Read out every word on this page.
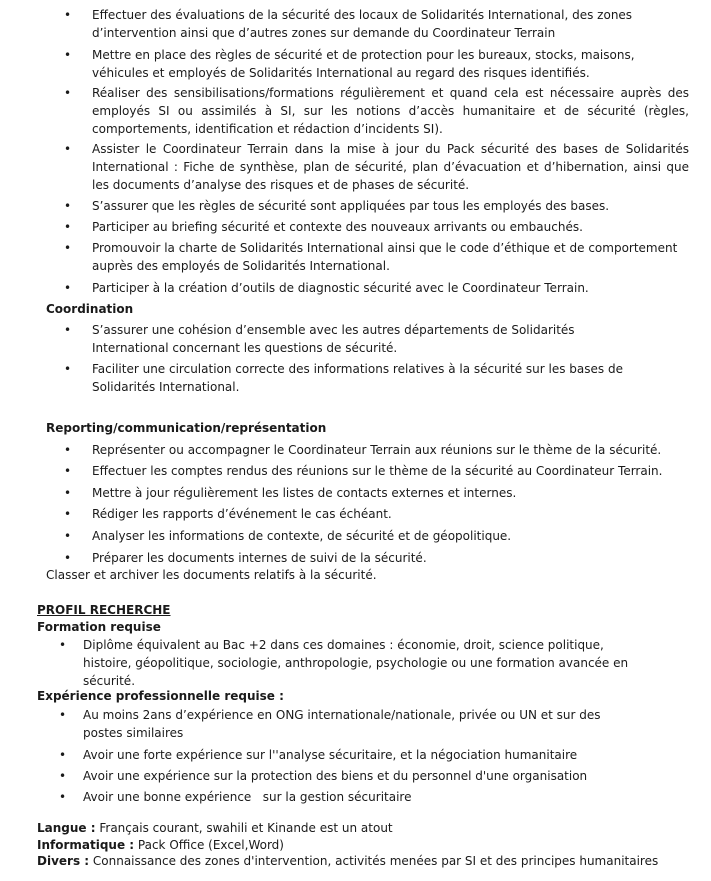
• Effectuer des évaluations de la sécurité des locaux de Solidarités International, des zones d’intervention ainsi que d’autres zones sur demande du Coordinateur Terrain
• Mettre en place des règles de sécurité et de protection pour les bureaux, stocks, maisons, véhicules et employés de Solidarités International au regard des risques identifiés.
• Réaliser des sensibilisations/formations régulièrement et quand cela est nécessaire auprès des employés SI ou assimilés à SI, sur les notions d’accès humanitaire et de sécurité (règles, comportements, identification et rédaction d’incidents SI).
• Assister le Coordinateur Terrain dans la mise à jour du Pack sécurité des bases de Solidarités International : Fiche de synthèse, plan de sécurité, plan d’évacuation et d’hibernation, ainsi que les documents d’analyse des risques et de phases de sécurité.
• S’assurer que les règles de sécurité sont appliquées par tous les employés des bases.
• Participer au briefing sécurité et contexte des nouveaux arrivants ou embauchés.
• Promouvoir la charte de Solidarités International ainsi que le code d’éthique et de comportement auprès des employés de Solidarités International.
• Participer à la création d’outils de diagnostic sécurité avec le Coordinateur Terrain.
Coordination
• S’assurer une cohésion d’ensemble avec les autres départements de Solidarités International concernant les questions de sécurité.
• Faciliter une circulation correcte des informations relatives à la sécurité sur les bases de Solidarités International.
Reporting/communication/représentation
• Représenter ou accompagner le Coordinateur Terrain aux réunions sur le thème de la sécurité.
• Effectuer les comptes rendus des réunions sur le thème de la sécurité au Coordinateur Terrain.
• Mettre à jour régulièrement les listes de contacts externes et internes.
• Rédiger les rapports d’événement le cas échéant.
• Analyser les informations de contexte, de sécurité et de géopolitique.
• Préparer les documents internes de suivi de la sécurité.
Classer et archiver les documents relatifs à la sécurité.
PROFIL RECHERCHE
Formation requise
• Diplôme équivalent au Bac +2 dans ces domaines : économie, droit, science politique, histoire, géopolitique, sociologie, anthropologie, psychologie ou une formation avancée en sécurité.
Expérience professionnelle requise :
• Au moins 2ans d’expérience en ONG internationale/nationale, privée ou UN et sur des postes similaires
• Avoir une forte expérience sur l''analyse sécuritaire, et la négociation humanitaire
• Avoir une expérience sur la protection des biens et du personnel d'une organisation
• Avoir une bonne expérience   sur la gestion sécuritaire
Langue : Français courant, swahili et Kinande est un atout
Informatique : Pack Office (Excel,Word)
Divers : Connaissance des zones d'intervention, activités menées par SI et des principes humanitaires
